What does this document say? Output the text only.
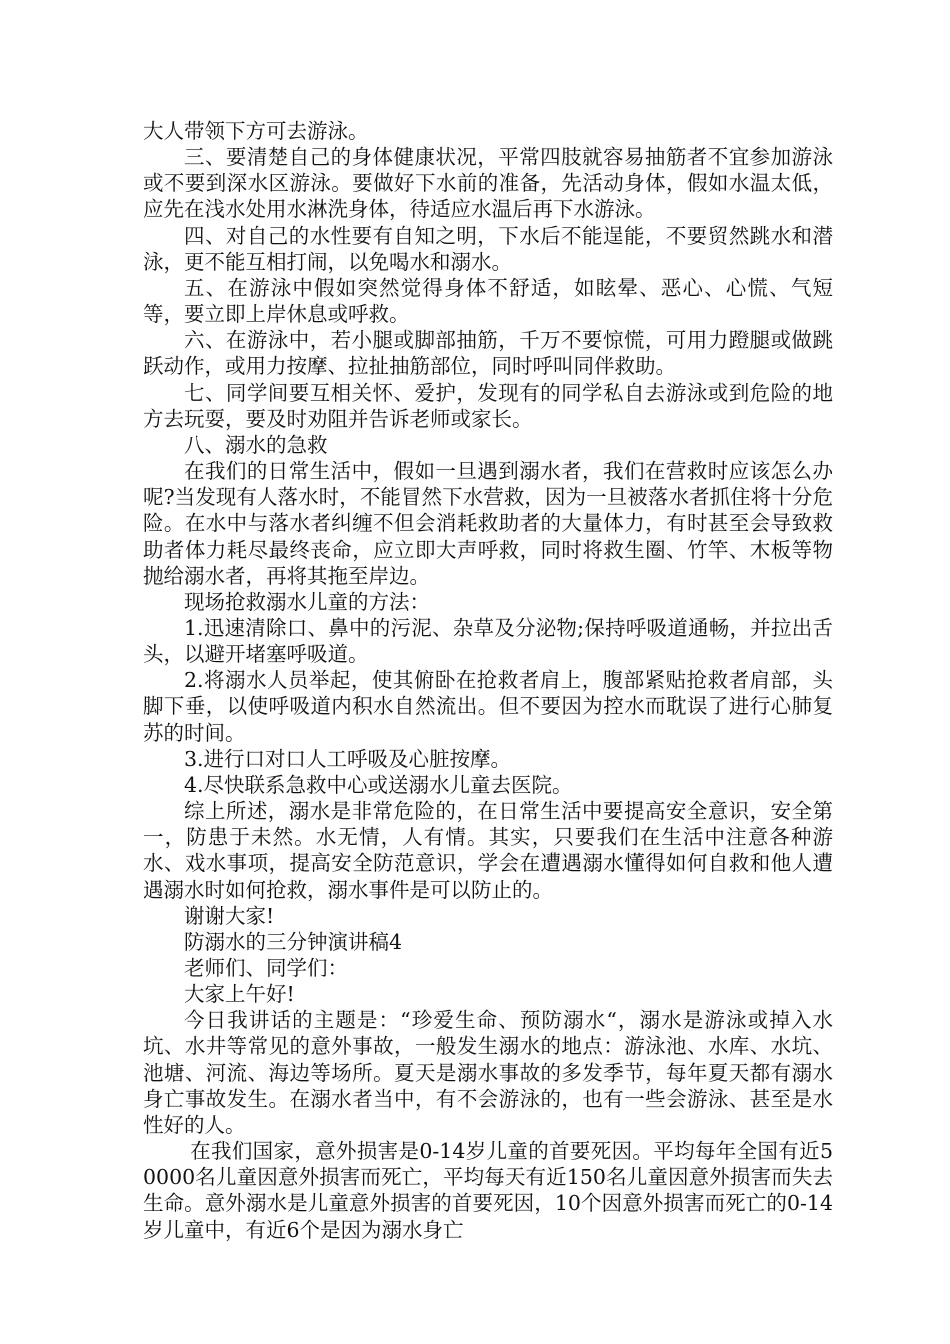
大人带领下方可去游泳。

三、要清楚自己的身体健康状况，平常四肢就容易抽筋者不宜参加游泳或不要到深水区游泳。要做好下水前的准备，先活动身体，假如水温太低，应先在浅水处用水淋洗身体，待适应水温后再下水游泳。

四、对自己的水性要有自知之明，下水后不能逞能，不要贸然跳水和潜泳，更不能互相打闹，以免喝水和溺水。

五、在游泳中假如突然觉得身体不舒适，如眩晕、恶心、心慌、气短等，要立即上岸休息或呼救。

六、在游泳中，若小腿或脚部抽筋，千万不要惊慌，可用力蹬腿或做跳跃动作，或用力按摩、拉扯抽筋部位，同时呼叫同伴救助。

七、同学间要互相关怀、爱护，发现有的同学私自去游泳或到危险的地方去玩耍，要及时劝阻并告诉老师或家长。

八、溺水的急救

在我们的日常生活中，假如一旦遇到溺水者，我们在营救时应该怎么办呢?当发现有人落水时，不能冒然下水营救，因为一旦被落水者抓住将十分危险。在水中与落水者纠缠不但会消耗救助者的大量体力，有时甚至会导致救助者体力耗尽最终丧命，应立即大声呼救，同时将救生圈、竹竿、木板等物抛给溺水者，再将其拖至岸边。

现场抢救溺水儿童的方法：

1.迅速清除口、鼻中的污泥、杂草及分泌物;保持呼吸道通畅，并拉出舌头，以避开堵塞呼吸道。

2.将溺水人员举起，使其俯卧在抢救者肩上，腹部紧贴抢救者肩部，头脚下垂，以使呼吸道内积水自然流出。但不要因为控水而耽误了进行心肺复苏的时间。

3.进行口对口人工呼吸及心脏按摩。

4.尽快联系急救中心或送溺水儿童去医院。

综上所述，溺水是非常危险的，在日常生活中要提高安全意识，安全第一，防患于未然。水无情，人有情。其实，只要我们在生活中注意各种游水、戏水事项，提高安全防范意识，学会在遭遇溺水懂得如何自救和他人遭遇溺水时如何抢救，溺水事件是可以防止的。

谢谢大家!

防溺水的三分钟演讲稿4

老师们、同学们：

大家上午好!

今日我讲话的主题是：“珍爱生命、预防溺水“，溺水是游泳或掉入水坑、水井等常见的意外事故，一般发生溺水的地点：游泳池、水库、水坑、池塘、河流、海边等场所。夏天是溺水事故的多发季节，每年夏天都有溺水身亡事故发生。在溺水者当中，有不会游泳的，也有一些会游泳、甚至是水性好的人。

在我们国家，意外损害是0-14岁儿童的首要死因。平均每年全国有近50000名儿童因意外损害而死亡，平均每天有近150名儿童因意外损害而失去生命。意外溺水是儿童意外损害的首要死因，10个因意外损害而死亡的0-14岁儿童中，有近6个是因为溺水身亡
